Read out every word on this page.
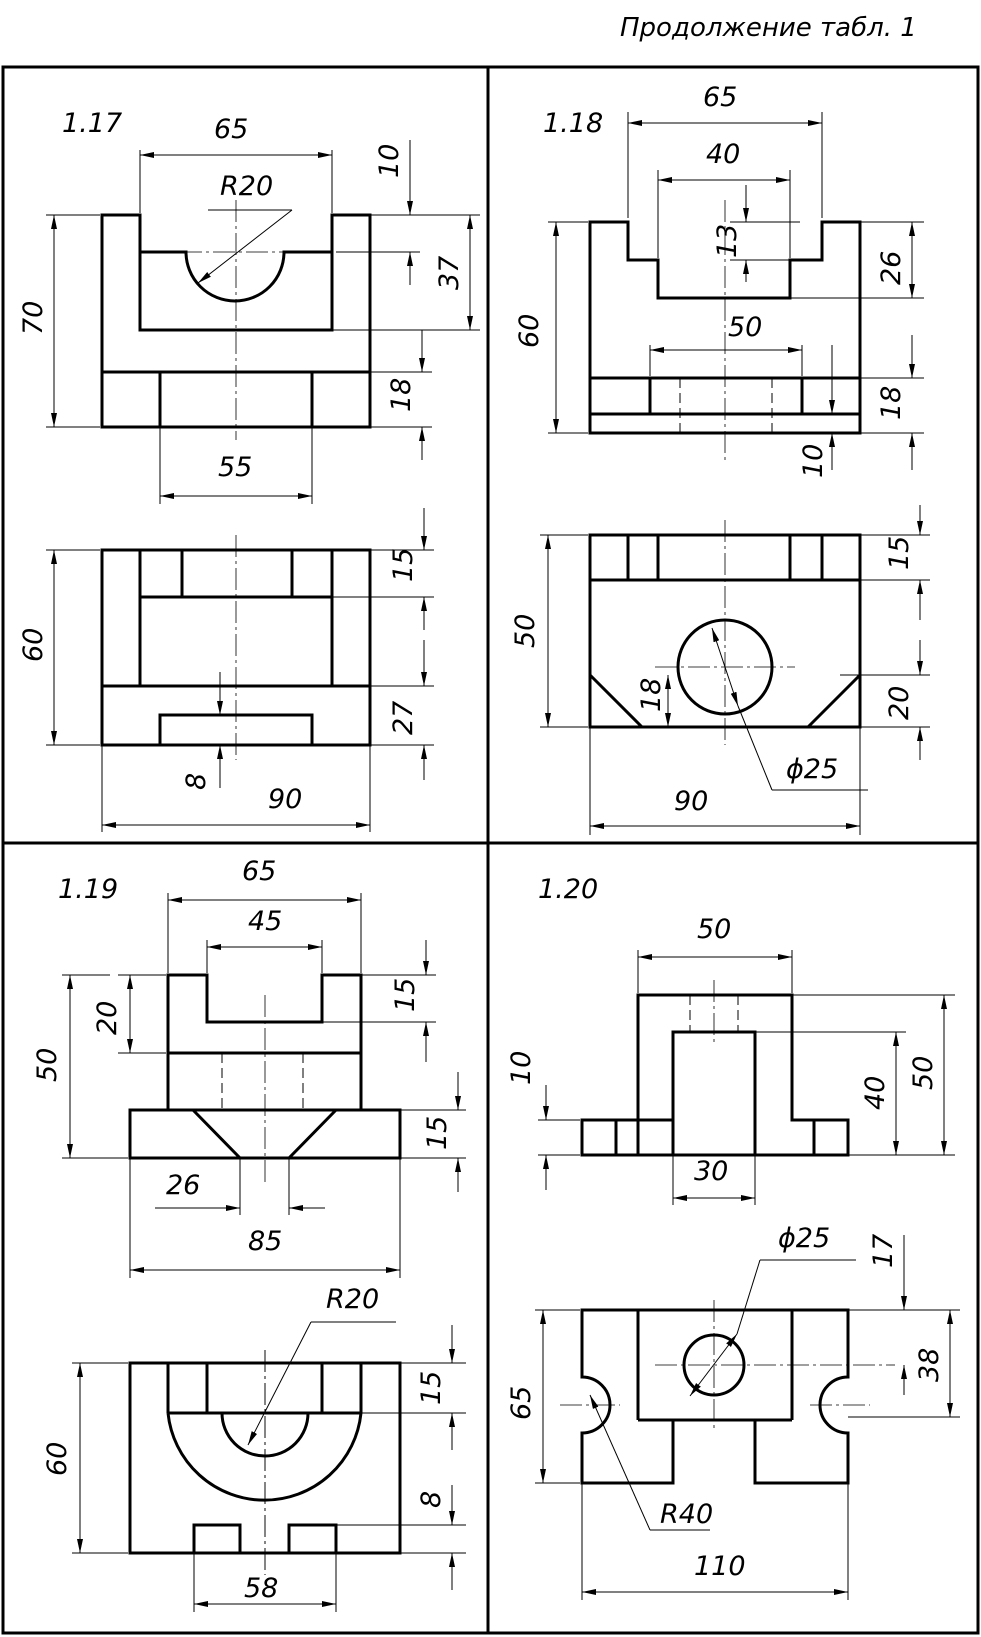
Продолжение табл. 1
1.17	65
R20
10
37
70
18
55
60
15
27
8
90
1.18
65
40
13
26
60	50
18
10
50
15
18	20
ϕ25
90
1.19
65
45
20
50
15
15
26
85
R20
15
60
8
58
1.20
50
10
40
50
30
ϕ25 17
65
38
R40
110
